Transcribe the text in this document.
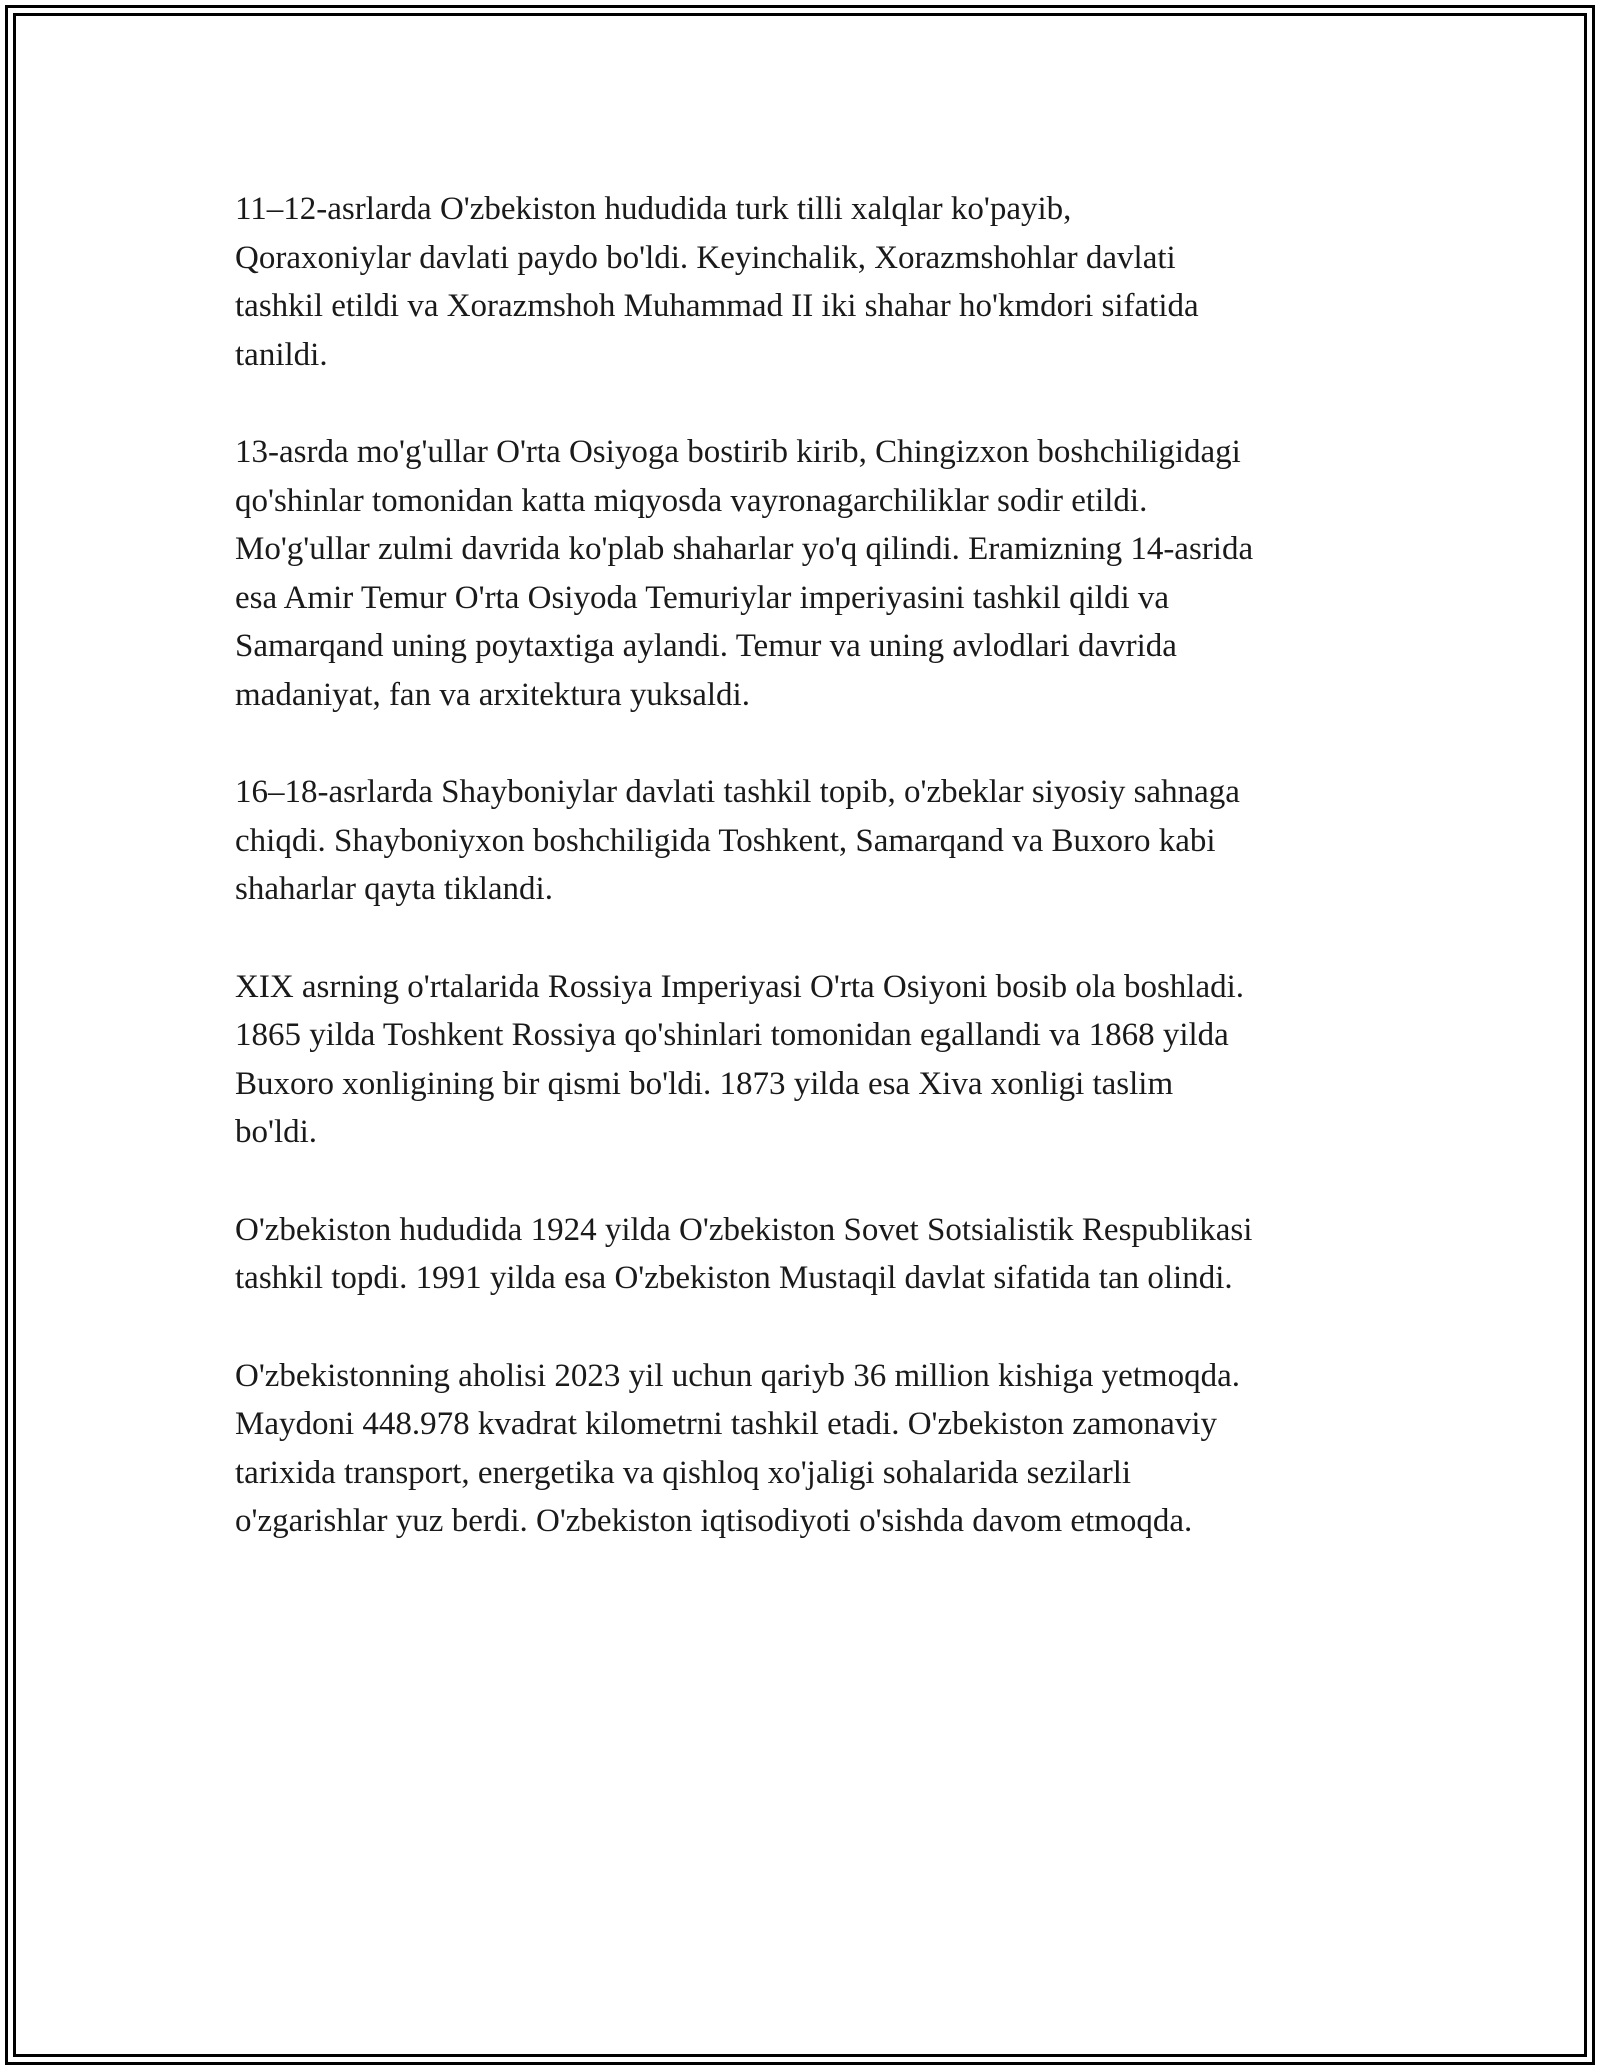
11–12-asrlarda O'zbekiston hududida turk tilli xalqlar ko'payib,
Qoraxoniylar davlati paydo bo'ldi. Keyinchalik, Xorazmshohlar davlati
tashkil etildi va Xorazmshoh Muhammad II iki shahar ho'kmdori sifatida
tanildi.

13-asrda mo'g'ullar O'rta Osiyoga bostirib kirib, Chingizxon boshchiligidagi
qo'shinlar tomonidan katta miqyosda vayronagarchiliklar sodir etildi.
Mo'g'ullar zulmi davrida ko'plab shaharlar yo'q qilindi. Eramizning 14-asrida
esa Amir Temur O'rta Osiyoda Temuriylar imperiyasini tashkil qildi va
Samarqand uning poytaxtiga aylandi. Temur va uning avlodlari davrida
madaniyat, fan va arxitektura yuksaldi.

16–18-asrlarda Shayboniylar davlati tashkil topib, o'zbeklar siyosiy sahnaga
chiqdi. Shayboniyxon boshchiligida Toshkent, Samarqand va Buxoro kabi
shaharlar qayta tiklandi.

XIX asrning o'rtalarida Rossiya Imperiyasi O'rta Osiyoni bosib ola boshladi.
1865 yilda Toshkent Rossiya qo'shinlari tomonidan egallandi va 1868 yilda
Buxoro xonligining bir qismi bo'ldi. 1873 yilda esa Xiva xonligi taslim
bo'ldi.

O'zbekiston hududida 1924 yilda O'zbekiston Sovet Sotsialistik Respublikasi
tashkil topdi. 1991 yilda esa O'zbekiston Mustaqil davlat sifatida tan olindi.

O'zbekistonning aholisi 2023 yil uchun qariyb 36 million kishiga yetmoqda.
Maydoni 448.978 kvadrat kilometrni tashkil etadi. O'zbekiston zamonaviy
tarixida transport, energetika va qishloq xo'jaligi sohalarida sezilarli
o'zgarishlar yuz berdi. O'zbekiston iqtisodiyoti o'sishda davom etmoqda.
